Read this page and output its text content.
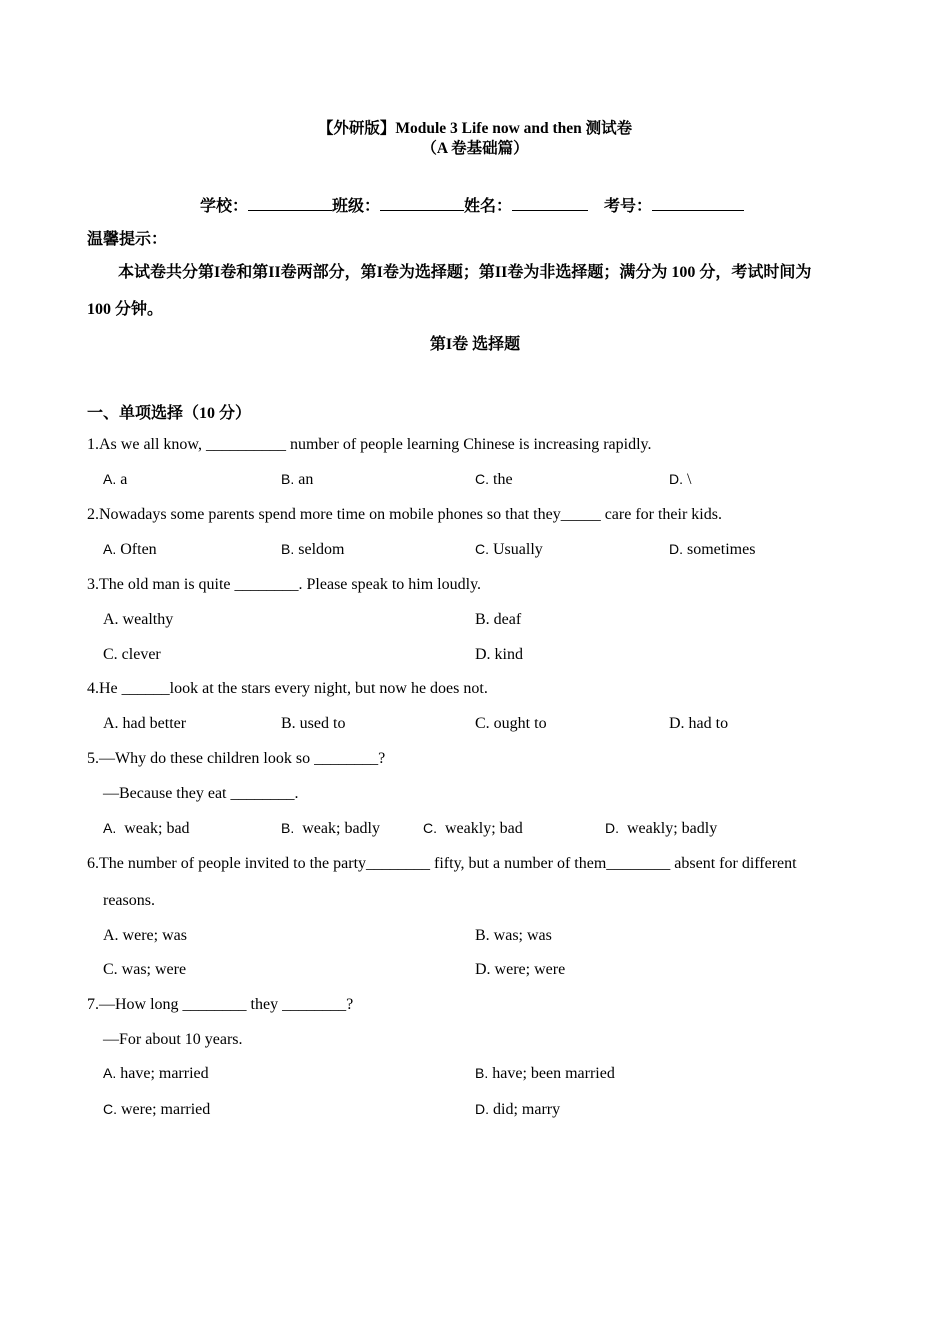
【外研版】Module 3 Life now and then 测试卷
（A 卷基础篇）
学校：	班级：	姓名：	考号：
温馨提示：
本试卷共分第I卷和第II卷两部分，第I卷为选择题；第II卷为非选择题；满分为 100 分，考试时间为
100 分钟。
第I卷 选择题
一、单项选择（10 分）
1.As we all know, __________ number of people learning Chinese is increasing rapidly.
A. a	B. an	C. the	D. \
2.Nowadays some parents spend more time on mobile phones so that they_____ care for their kids.
A. Often	B. seldom	C. Usually	D. sometimes
3.The old man is quite ________. Please speak to him loudly.
A. wealthy	B. deaf
C. clever	D. kind
4.He ______look at the stars every night, but now he does not.
A. had better	B. used to	C. ought to	D. had to
5.—Why do these children look so ________?
—Because they eat ________.
A. weak; bad	B. weak; badly	C. weakly; bad	D. weakly; badly
6.The number of people invited to the party________ fifty, but a number of them________ absent for different
reasons.
A. were; was	B. was; was
C. was; were	D. were; were
7.—How long ________ they ________?
—For about 10 years.
A. have; married	B. have; been married
C. were; married	D. did; marry
